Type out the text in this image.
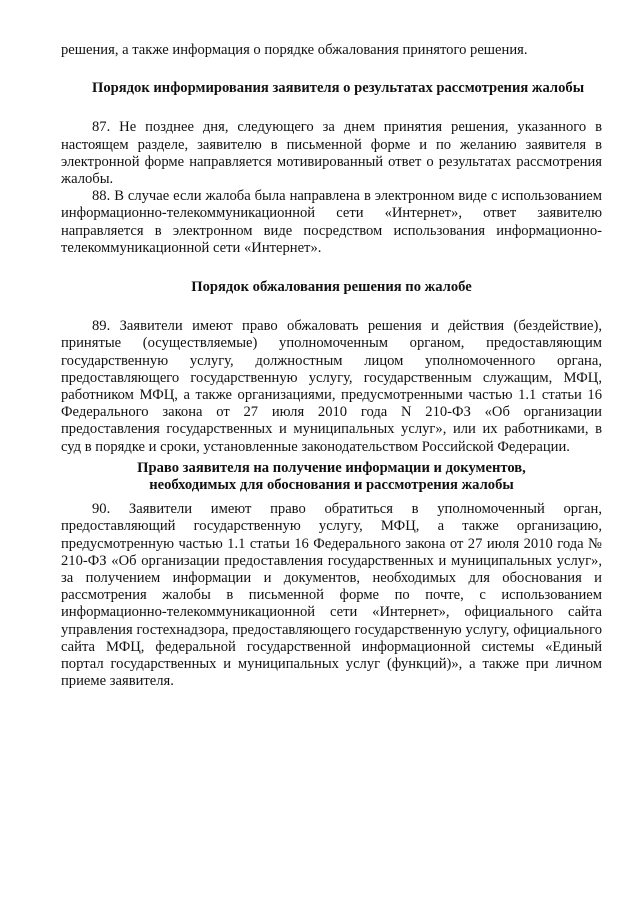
решения, а также информация о порядке обжалования принятого решения.

Порядок информирования заявителя о результатах рассмотрения жалобы

87. Не позднее дня, следующего за днем принятия решения, указанного в настоящем разделе, заявителю в письменной форме и по желанию заявителя в электронной форме направляется мотивированный ответ о результатах рассмотрения жалобы.

88. В случае если жалоба была направлена в электронном виде с использованием информационно-телекоммуникационной сети «Интернет», ответ заявителю направляется в электронном виде посредством использования информационно-телекоммуникационной сети «Интернет».

Порядок обжалования решения по жалобе

89. Заявители имеют право обжаловать решения и действия (бездействие), принятые (осуществляемые) уполномоченным органом, предоставляющим государственную услугу, должностным лицом уполномоченного органа, предоставляющего государственную услугу, государственным служащим, МФЦ, работником МФЦ, а также организациями, предусмотренными частью 1.1 статьи 16 Федерального закона от 27 июля 2010 года N 210-ФЗ «Об организации предоставления государственных и муниципальных услуг», или их работниками, в суд в порядке и сроки, установленные законодательством Российской Федерации.

Право заявителя на получение информации и документов,
необходимых для обоснования и рассмотрения жалобы

90. Заявители имеют право обратиться в уполномоченный орган, предоставляющий государственную услугу, МФЦ, а также организацию, предусмотренную частью 1.1 статьи 16 Федерального закона от 27 июля 2010 года № 210-ФЗ «Об организации предоставления государственных и муниципальных услуг», за получением информации и документов, необходимых для обоснования и рассмотрения жалобы в письменной форме по почте, с использованием информационно-телекоммуникационной сети «Интернет», официального сайта управления гостехнадзора, предоставляющего государственную услугу, официального сайта МФЦ, федеральной государственной информационной системы «Единый портал государственных и муниципальных услуг (функций)», а также при личном приеме заявителя.
